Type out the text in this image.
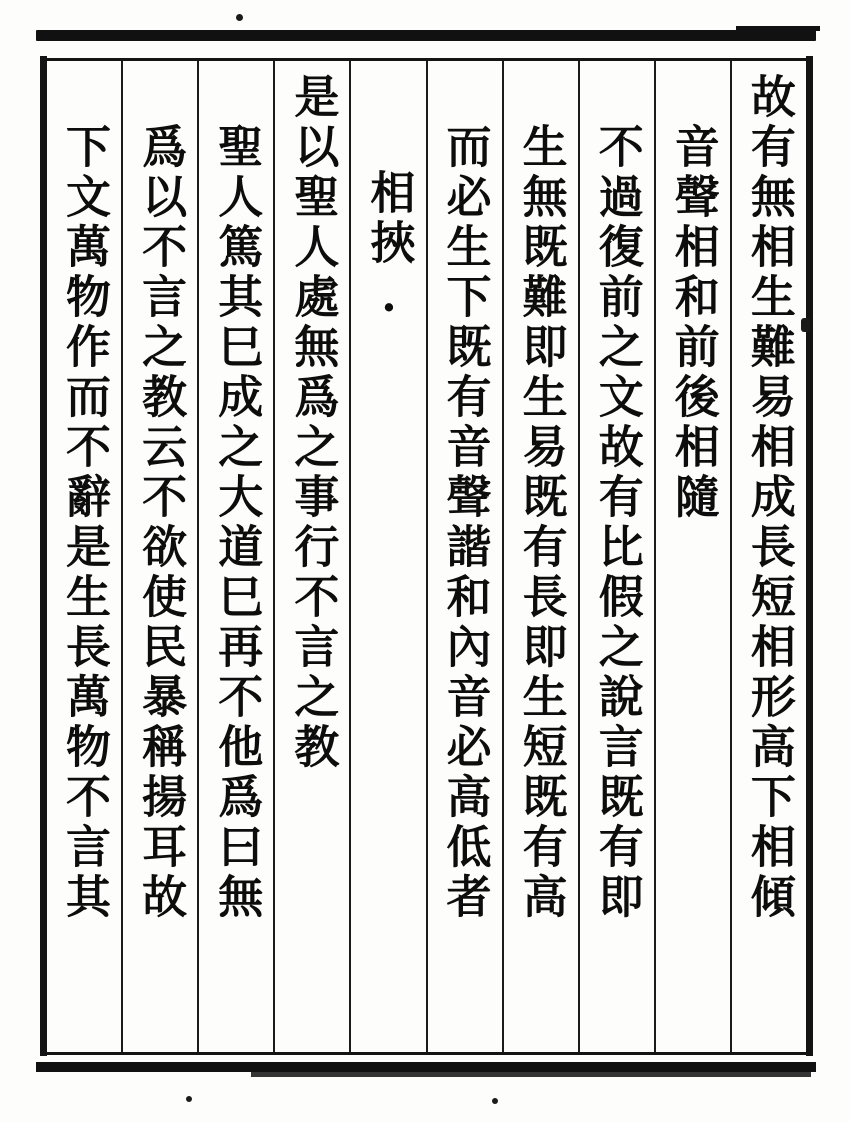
故有無相生難易相成長短相形高下相傾
音聲相和前後相隨
不過復前之文故有比假之說言既有即
生無既難即生易既有長即生短既有高
而必生下既有音聲諧和內音必高低者
相挾.
是以聖人處無爲之事行不言之教
聖人篤其巳成之大道巳再不他爲曰無
爲以不言之教云不欲使民暴稱揚耳故
下文萬物作而不辭是生長萬物不言其
